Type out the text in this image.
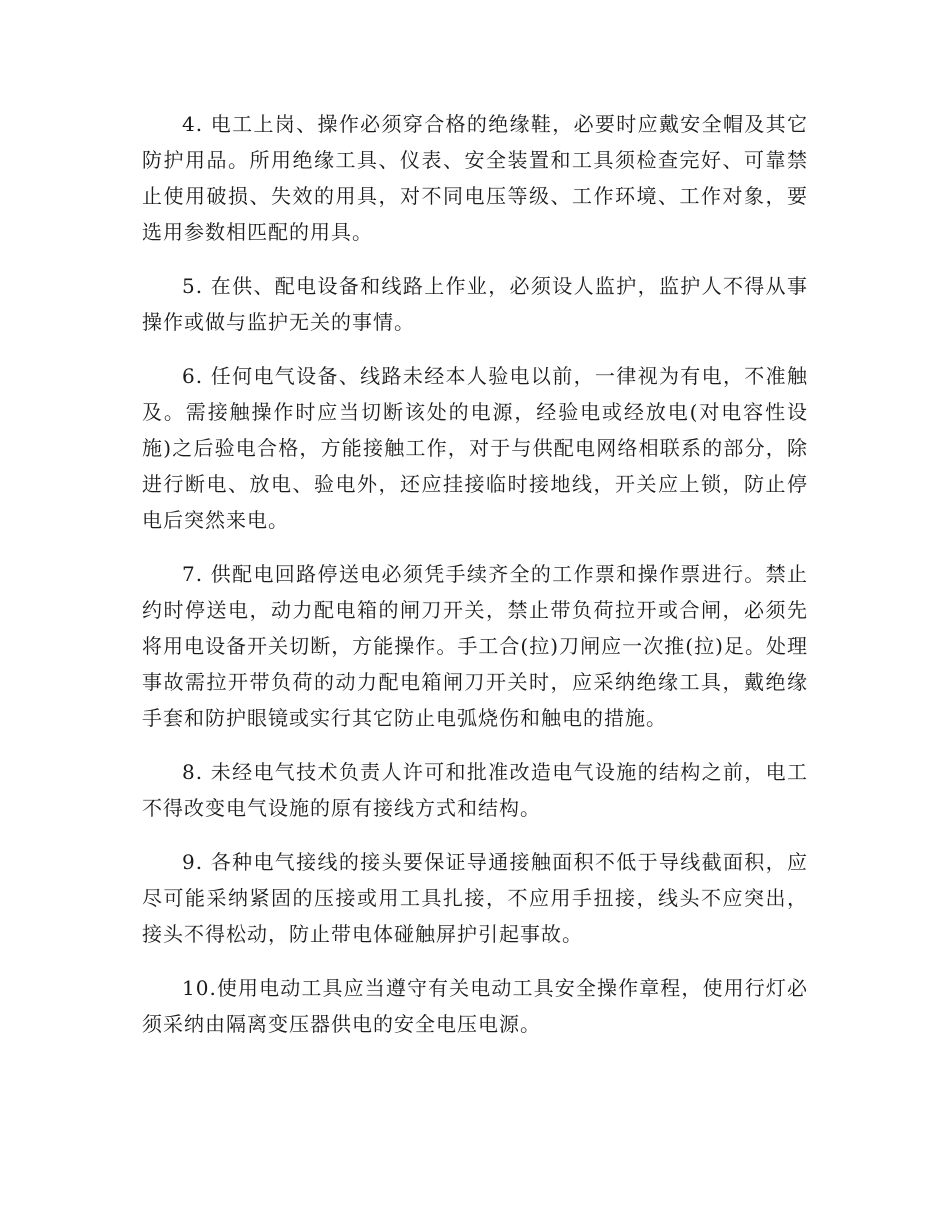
4. 电工上岗、操作必须穿合格的绝缘鞋，必要时应戴安全帽及其它防护用品。所用绝缘工具、仪表、安全装置和工具须检查完好、可靠禁止使用破损、失效的用具，对不同电压等级、工作环境、工作对象，要选用参数相匹配的用具。

5. 在供、配电设备和线路上作业，必须设人监护，监护人不得从事操作或做与监护无关的事情。

6. 任何电气设备、线路未经本人验电以前，一律视为有电，不准触及。需接触操作时应当切断该处的电源，经验电或经放电(对电容性设施)之后验电合格，方能接触工作，对于与供配电网络相联系的部分，除进行断电、放电、验电外，还应挂接临时接地线，开关应上锁，防止停电后突然来电。

7. 供配电回路停送电必须凭手续齐全的工作票和操作票进行。禁止约时停送电，动力配电箱的闸刀开关，禁止带负荷拉开或合闸，必须先将用电设备开关切断，方能操作。手工合(拉)刀闸应一次推(拉)足。处理事故需拉开带负荷的动力配电箱闸刀开关时，应采纳绝缘工具，戴绝缘手套和防护眼镜或实行其它防止电弧烧伤和触电的措施。

8. 未经电气技术负责人许可和批准改造电气设施的结构之前，电工不得改变电气设施的原有接线方式和结构。

9. 各种电气接线的接头要保证导通接触面积不低于导线截面积，应尽可能采纳紧固的压接或用工具扎接，不应用手扭接，线头不应突出，接头不得松动，防止带电体碰触屏护引起事故。

10.使用电动工具应当遵守有关电动工具安全操作章程，使用行灯必须采纳由隔离变压器供电的安全电压电源。
